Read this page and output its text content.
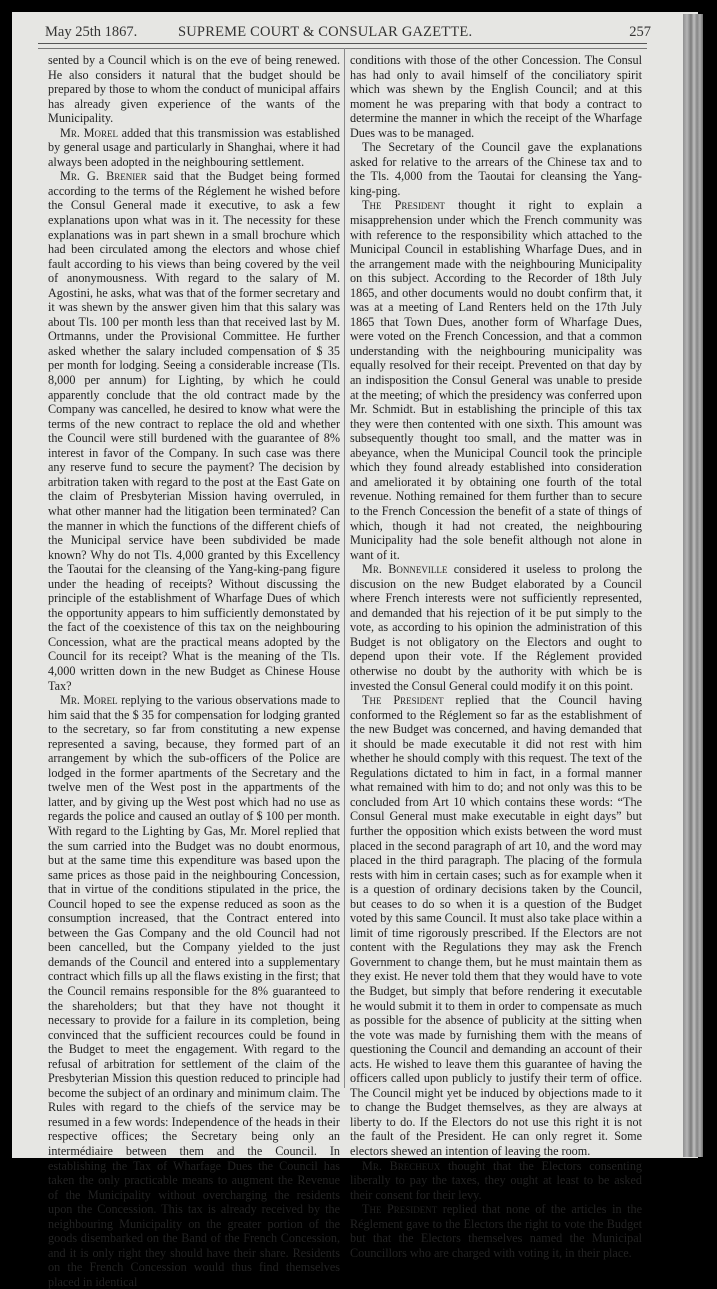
May 25th 1867.	SUPREME COURT & CONSULAR GAZETTE.	257

sented by a Council which is on the eve of being renewed. He also considers it natural that the budget should be prepared by those to whom the conduct of municipal affairs has already given experience of the wants of the Municipality.

Mr. Morel added that this transmission was established by general usage and particularly in Shanghai, where it had always been adopted in the neighbouring settlement.

Mr. G. Brenier said that the Budget being formed according to the terms of the Réglement he wished before the Consul General made it executive, to ask a few explanations upon what was in it. The necessity for these explanations was in part shewn in a small brochure which had been circulated among the electors and whose chief fault according to his views than being covered by the veil of anonymousness. With regard to the salary of M. Agostini, he asks, what was that of the former secretary and it was shewn by the answer given him that this salary was about Tls. 100 per month less than that received last by M. Ortmanns, under the Provisional Committee. He further asked whether the salary included compensation of $ 35 per month for lodging. Seeing a considerable increase (Tls. 8,000 per annum) for Lighting, by which he could apparently conclude that the old contract made by the Company was cancelled, he desired to know what were the terms of the new contract to replace the old and whether the Council were still burdened with the guarantee of 8% interest in favor of the Company. In such case was there any reserve fund to secure the payment? The decision by arbitration taken with regard to the post at the East Gate on the claim of Presbyterian Mission having overruled, in what other manner had the litigation been terminated? Can the manner in which the functions of the different chiefs of the Municipal service have been subdivided be made known? Why do not Tls. 4,000 granted by this Excellency the Taoutai for the cleansing of the Yang-king-pang figure under the heading of receipts? Without discussing the principle of the establishment of Wharfage Dues of which the opportunity appears to him sufficiently demonstated by the fact of the coexistence of this tax on the neighbouring Concession, what are the practical means adopted by the Council for its receipt? What is the meaning of the Tls. 4,000 written down in the new Budget as Chinese House Tax?

Mr. Morel replying to the various observations made to him said that the $ 35 for compensation for lodging granted to the secretary, so far from constituting a new expense represented a saving, because, they formed part of an arrangement by which the sub-officers of the Police are lodged in the former apartments of the Secretary and the twelve men of the West post in the appartments of the latter, and by giving up the West post which had no use as regards the police and caused an outlay of $ 100 per month. With regard to the Lighting by Gas, Mr. Morel replied that the sum carried into the Budget was no doubt enormous, but at the same time this expenditure was based upon the same prices as those paid in the neighbouring Concession, that in virtue of the conditions stipulated in the price, the Council hoped to see the expense reduced as soon as the consumption increased, that the Contract entered into between the Gas Company and the old Council had not been cancelled, but the Company yielded to the just demands of the Council and entered into a supplementary contract which fills up all the flaws existing in the first; that the Council remains responsible for the 8% guaranteed to the shareholders; but that they have not thought it necessary to provide for a failure in its completion, being convinced that the sufficient recources could be found in the Budget to meet the engagement. With regard to the refusal of arbitration for settlement of the claim of the Presbyterian Mission this question reduced to principle had become the subject of an ordinary and minimum claim. The Rules with regard to the chiefs of the service may be resumed in a few words: Independence of the heads in their respective offices; the Secretary being only an intermédiaire between them and the Council. In establishing the Tax of Wharfage Dues the Council has taken the only practicable means to augment the Revenue of the Municipality without overcharging the residents upon the Concession. This tax is already received by the neighbouring Municipality on the greater portion of the goods disembarked on the Band of the French Concession, and it is only right they should have their share. Residents on the French Concession would thus find themselves placed in identical

conditions with those of the other Concession. The Consul has had only to avail himself of the conciliatory spirit which was shewn by the English Council; and at this moment he was preparing with that body a contract to determine the manner in which the receipt of the Wharfage Dues was to be managed.

The Secretary of the Council gave the explanations asked for relative to the arrears of the Chinese tax and to the Tls. 4,000 from the Taoutai for cleansing the Yang-king-ping.

The President thought it right to explain a misapprehension under which the French community was with reference to the responsibility which attached to the Municipal Council in establishing Wharfage Dues, and in the arrangement made with the neighbouring Municipality on this subject. According to the Recorder of 18th July 1865, and other documents would no doubt confirm that, it was at a meeting of Land Renters held on the 17th July 1865 that Town Dues, another form of Wharfage Dues, were voted on the French Concession, and that a common understanding with the neighbouring municipality was equally resolved for their receipt. Prevented on that day by an indisposition the Consul General was unable to preside at the meeting; of which the presidency was conferred upon Mr. Schmidt. But in establishing the principle of this tax they were then contented with one sixth. This amount was subsequently thought too small, and the matter was in abeyance, when the Municipal Council took the principle which they found already established into consideration and ameliorated it by obtaining one fourth of the total revenue. Nothing remained for them further than to secure to the French Concession the benefit of a state of things of which, though it had not created, the neighbouring Municipality had the sole benefit although not alone in want of it.

Mr. Bonneville considered it useless to prolong the discusion on the new Budget elaborated by a Council where French interests were not sufficiently represented, and demanded that his rejection of it be put simply to the vote, as according to his opinion the administration of this Budget is not obligatory on the Electors and ought to depend upon their vote. If the Réglement provided otherwise no doubt by the authority with which be is invested the Consul General could modify it on this point.

The President replied that the Council having conformed to the Réglement so far as the establishment of the new Budget was concerned, and having demanded that it should be made executable it did not rest with him whether he should comply with this request. The text of the Regulations dictated to him in fact, in a formal manner what remained with him to do; and not only was this to be concluded from Art 10 which contains these words: “The Consul General must make executable in eight days” but further the opposition which exists between the word must placed in the second paragraph of art 10, and the word may placed in the third paragraph. The placing of the formula rests with him in certain cases; such as for example when it is a question of ordinary decisions taken by the Council, but ceases to do so when it is a question of the Budget voted by this same Council. It must also take place within a limit of time rigorously prescribed. If the Electors are not content with the Regulations they may ask the French Government to change them, but he must maintain them as they exist. He never told them that they would have to vote the Budget, but simply that before rendering it executable he would submit it to them in order to compensate as much as possible for the absence of publicity at the sitting when the vote was made by furnishing them with the means of questioning the Council and demanding an account of their acts. He wished to leave them this guarantee of having the officers called upon publicly to justify their term of office. The Council might yet be induced by objections made to it to change the Budget themselves, as they are always at liberty to do. If the Electors do not use this right it is not the fault of the President. He can only regret it. Some electors shewed an intention of leaving the room.

Mr. Brecheux thought that the Electors consenting liberally to pay the taxes, they ought at least to be asked their consent for their levy.

The President replied that none of the articles in the Réglement gave to the Electors the right to vote the Budget but that the Electors themselves named the Municipal Councillors who are charged with voting it, in their place.
